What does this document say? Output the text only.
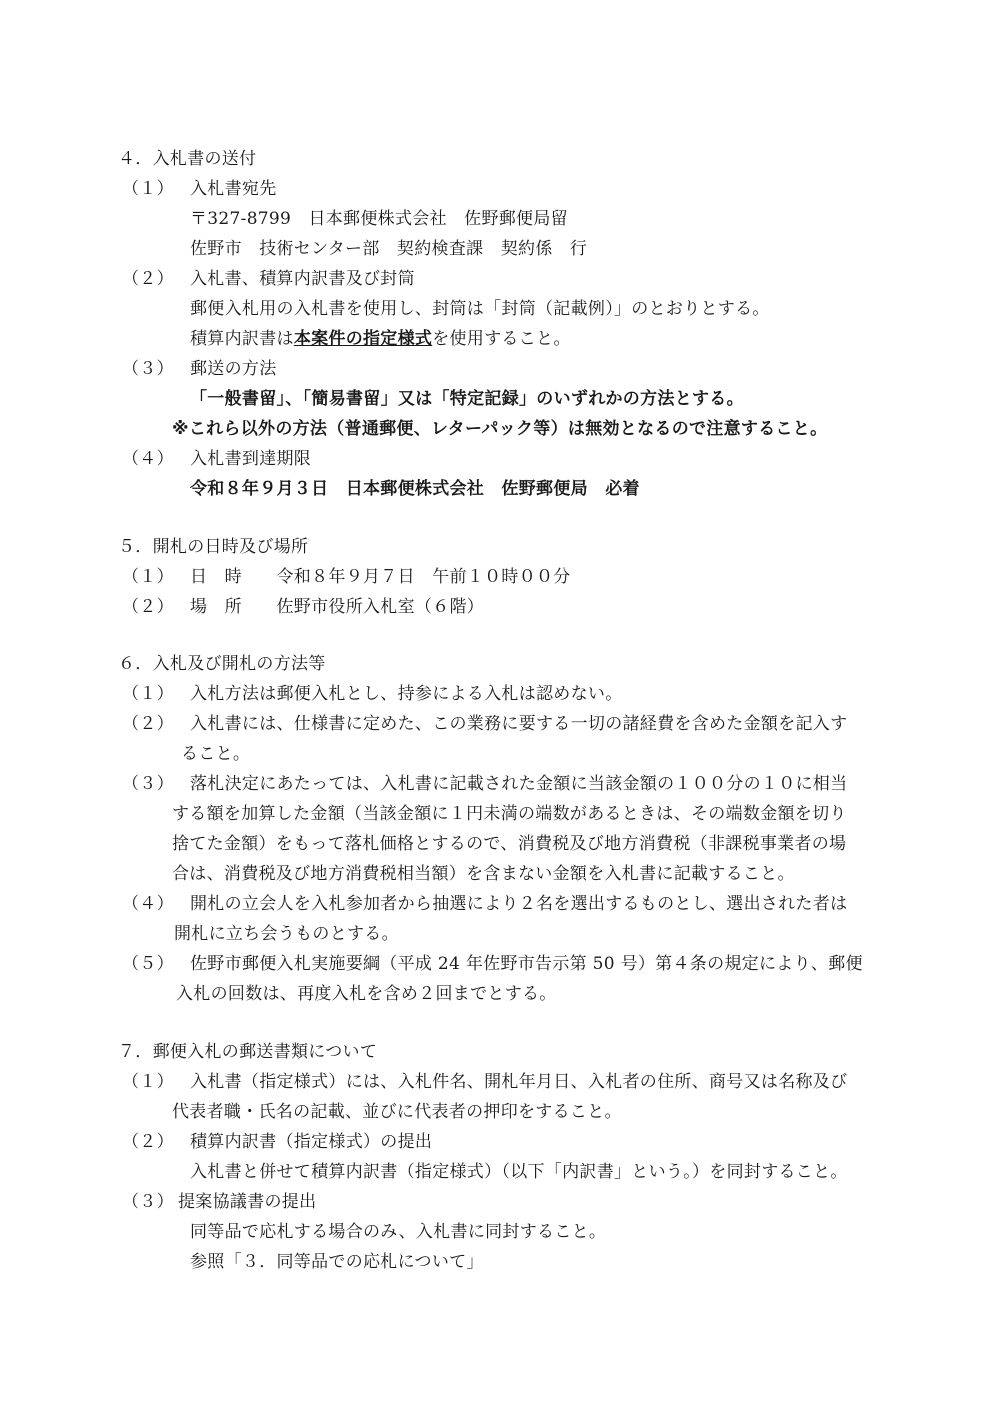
４．入札書の送付
（１） 入札書宛先
〒327-8799　日本郵便株式会社　佐野郵便局留
佐野市　技術センター部　契約検査課　契約係　行
（２） 入札書、積算内訳書及び封筒
郵便入札用の入札書を使用し、封筒は「封筒（記載例）」のとおりとする。
積算内訳書は本案件の指定様式を使用すること。
（３） 郵送の方法
「一般書留」、「簡易書留」又は「特定記録」のいずれかの方法とする。
※これら以外の方法（普通郵便、レターパック等）は無効となるので注意すること。
（４） 入札書到達期限
令和８年９月３日　日本郵便株式会社　佐野郵便局　必着
５．開札の日時及び場所
（１） 日　時　　令和８年９月７日　午前１０時００分
（２） 場　所　　佐野市役所入札室（６階）
６．入札及び開札の方法等
（１） 入札方法は郵便入札とし、持参による入札は認めない。
（２） 入札書には、仕様書に定めた、この業務に要する一切の諸経費を含めた金額を記入す
ること。
（３） 落札決定にあたっては、入札書に記載された金額に当該金額の１００分の１０に相当
する額を加算した金額（当該金額に１円未満の端数があるときは、その端数金額を切り
捨てた金額）をもって落札価格とするので、消費税及び地方消費税（非課税事業者の場
合は、消費税及び地方消費税相当額）を含まない金額を入札書に記載すること。
（４） 開札の立会人を入札参加者から抽選により２名を選出するものとし、選出された者は
開札に立ち会うものとする。
（５） 佐野市郵便入札実施要綱（平成 24 年佐野市告示第 50 号）第４条の規定により、郵便
入札の回数は、再度入札を含め２回までとする。
７．郵便入札の郵送書類について
（１） 入札書（指定様式）には、入札件名、開札年月日、入札者の住所、商号又は名称及び
代表者職・氏名の記載、並びに代表者の押印をすること。
（２） 積算内訳書（指定様式）の提出
入札書と併せて積算内訳書（指定様式）（以下「内訳書」という。）を同封すること。
（３） 提案協議書の提出
同等品で応札する場合のみ、入札書に同封すること。
参照「３．同等品での応札について」
